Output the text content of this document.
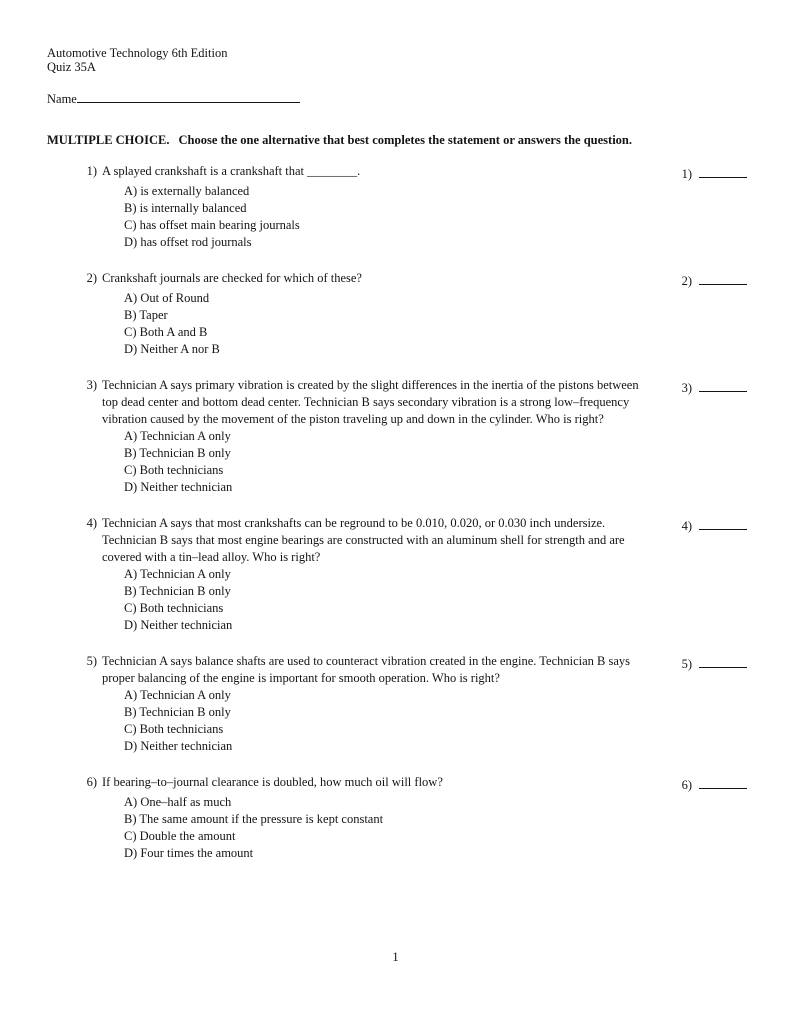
Automotive Technology 6th Edition
Quiz 35A
Name
MULTIPLE CHOICE. Choose the one alternative that best completes the statement or answers the question.
1) A splayed crankshaft is a crankshaft that ________.	1)
A) is externally balanced
B) is internally balanced
C) has offset main bearing journals
D) has offset rod journals
2) Crankshaft journals are checked for which of these?	2)
A) Out of Round
B) Taper
C) Both A and B
D) Neither A nor B
3) Technician A says primary vibration is created by the slight differences in the inertia of the pistons between top dead center and bottom dead center. Technician B says secondary vibration is a strong low–frequency vibration caused by the movement of the piston traveling up and down in the cylinder. Who is right?
3)
A) Technician A only
B) Technician B only
C) Both technicians
D) Neither technician
4) Technician A says that most crankshafts can be reground to be 0.010, 0.020, or 0.030 inch undersize. Technician B says that most engine bearings are constructed with an aluminum shell for strength and are covered with a tin–lead alloy. Who is right?
4)
A) Technician A only
B) Technician B only
C) Both technicians
D) Neither technician
5) Technician A says balance shafts are used to counteract vibration created in the engine. Technician B says proper balancing of the engine is important for smooth operation. Who is right?
5)
A) Technician A only
B) Technician B only
C) Both technicians
D) Neither technician
6) If bearing–to–journal clearance is doubled, how much oil will flow?	6)
A) One–half as much
B) The same amount if the pressure is kept constant
C) Double the amount
D) Four times the amount
1
